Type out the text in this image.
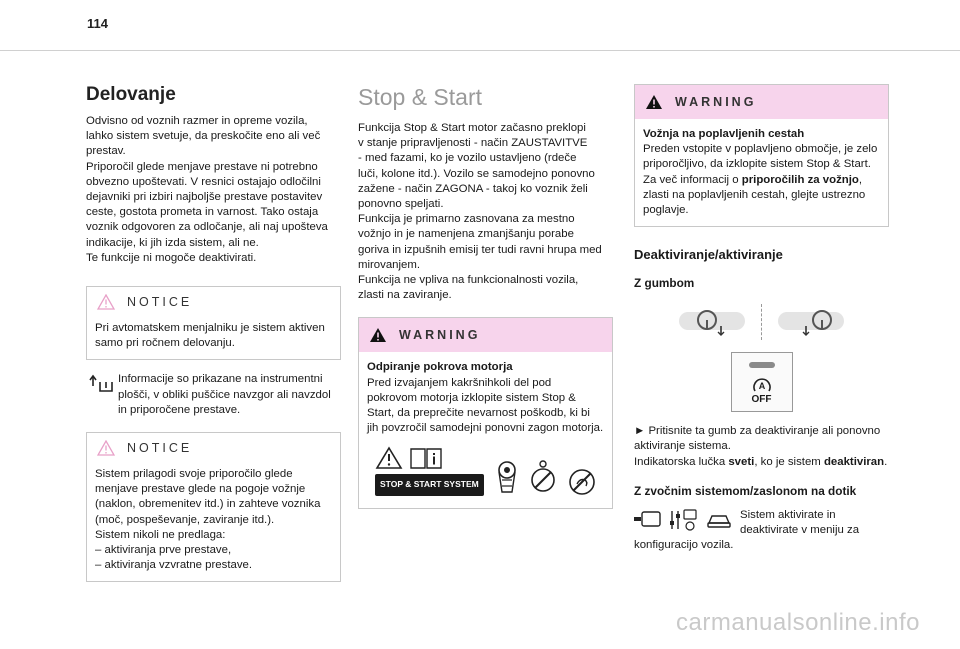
114
Delovanje
Odvisno od voznih razmer in opreme vozila,
lahko sistem svetuje, da preskočite eno ali več
prestav.
Priporočil glede menjave prestave ni potrebno
obvezno upoštevati. V resnici ostajajo odločilni
dejavniki pri izbiri najboljše prestave postavitev
ceste, gostota prometa in varnost. Tako ostaja
voznik odgovoren za odločanje, ali naj upošteva
indikacije, ki jih izda sistem, ali ne.
Te funkcije ni mogoče deaktivirati.
NOTICE
Pri avtomatskem menjalniku je sistem aktiven
samo pri ročnem delovanju.
Informacije so prikazane na instrumentni plošči, v obliki puščice navzgor ali navzdol in priporočene prestave.
NOTICE
Sistem prilagodi svoje priporočilo glede
menjave prestave glede na pogoje vožnje
(naklon, obremenitev itd.) in zahteve voznika
(moč, pospeševanje, zaviranje itd.).
Sistem nikoli ne predlaga:
– aktiviranja prve prestave,
– aktiviranja vzvratne prestave.
Stop & Start
Funkcija Stop & Start motor začasno preklopi
v stanje pripravljenosti - način ZAUSTAVITVE
- med fazami, ko je vozilo ustavljeno (rdeče
luči, kolone itd.). Vozilo se samodejno ponovno
zažene - način ZAGONA - takoj ko voznik želi
ponovno speljati.
Funkcija je primarno zasnovana za mestno
vožnjo in je namenjena zmanjšanju porabe
goriva in izpušnih emisij ter tudi ravni hrupa med
mirovanjem.
Funkcija ne vpliva na funkcionalnosti vozila,
zlasti na zaviranje.
WARNING
Odpiranje pokrova motorja
Pred izvajanjem kakršnihkoli del pod pokrovom motorja izklopite sistem Stop & Start, da preprečite nevarnost poškodb, ki bi jih povzročil samodejni ponovni zagon motorja.
STOP & START SYSTEM
WARNING
Vožnja na poplavljenih cestah
Preden vstopite v poplavljeno območje, je zelo priporočljivo, da izklopite sistem Stop & Start.
Za več informacij o priporočilih za vožnjo, zlasti na poplavljenih cestah, glejte ustrezno poglavje.
Deaktiviranje/aktiviranje
Z gumbom
A
OFF
► Pritisnite ta gumb za deaktiviranje ali ponovno aktiviranje sistema.
Indikatorska lučka sveti, ko je sistem deaktiviran.
Z zvočnim sistemom/zaslonom na dotik
Sistem aktivirate in deaktivirate v meniju za konfiguracijo vozila.
carmanualsonline.info
